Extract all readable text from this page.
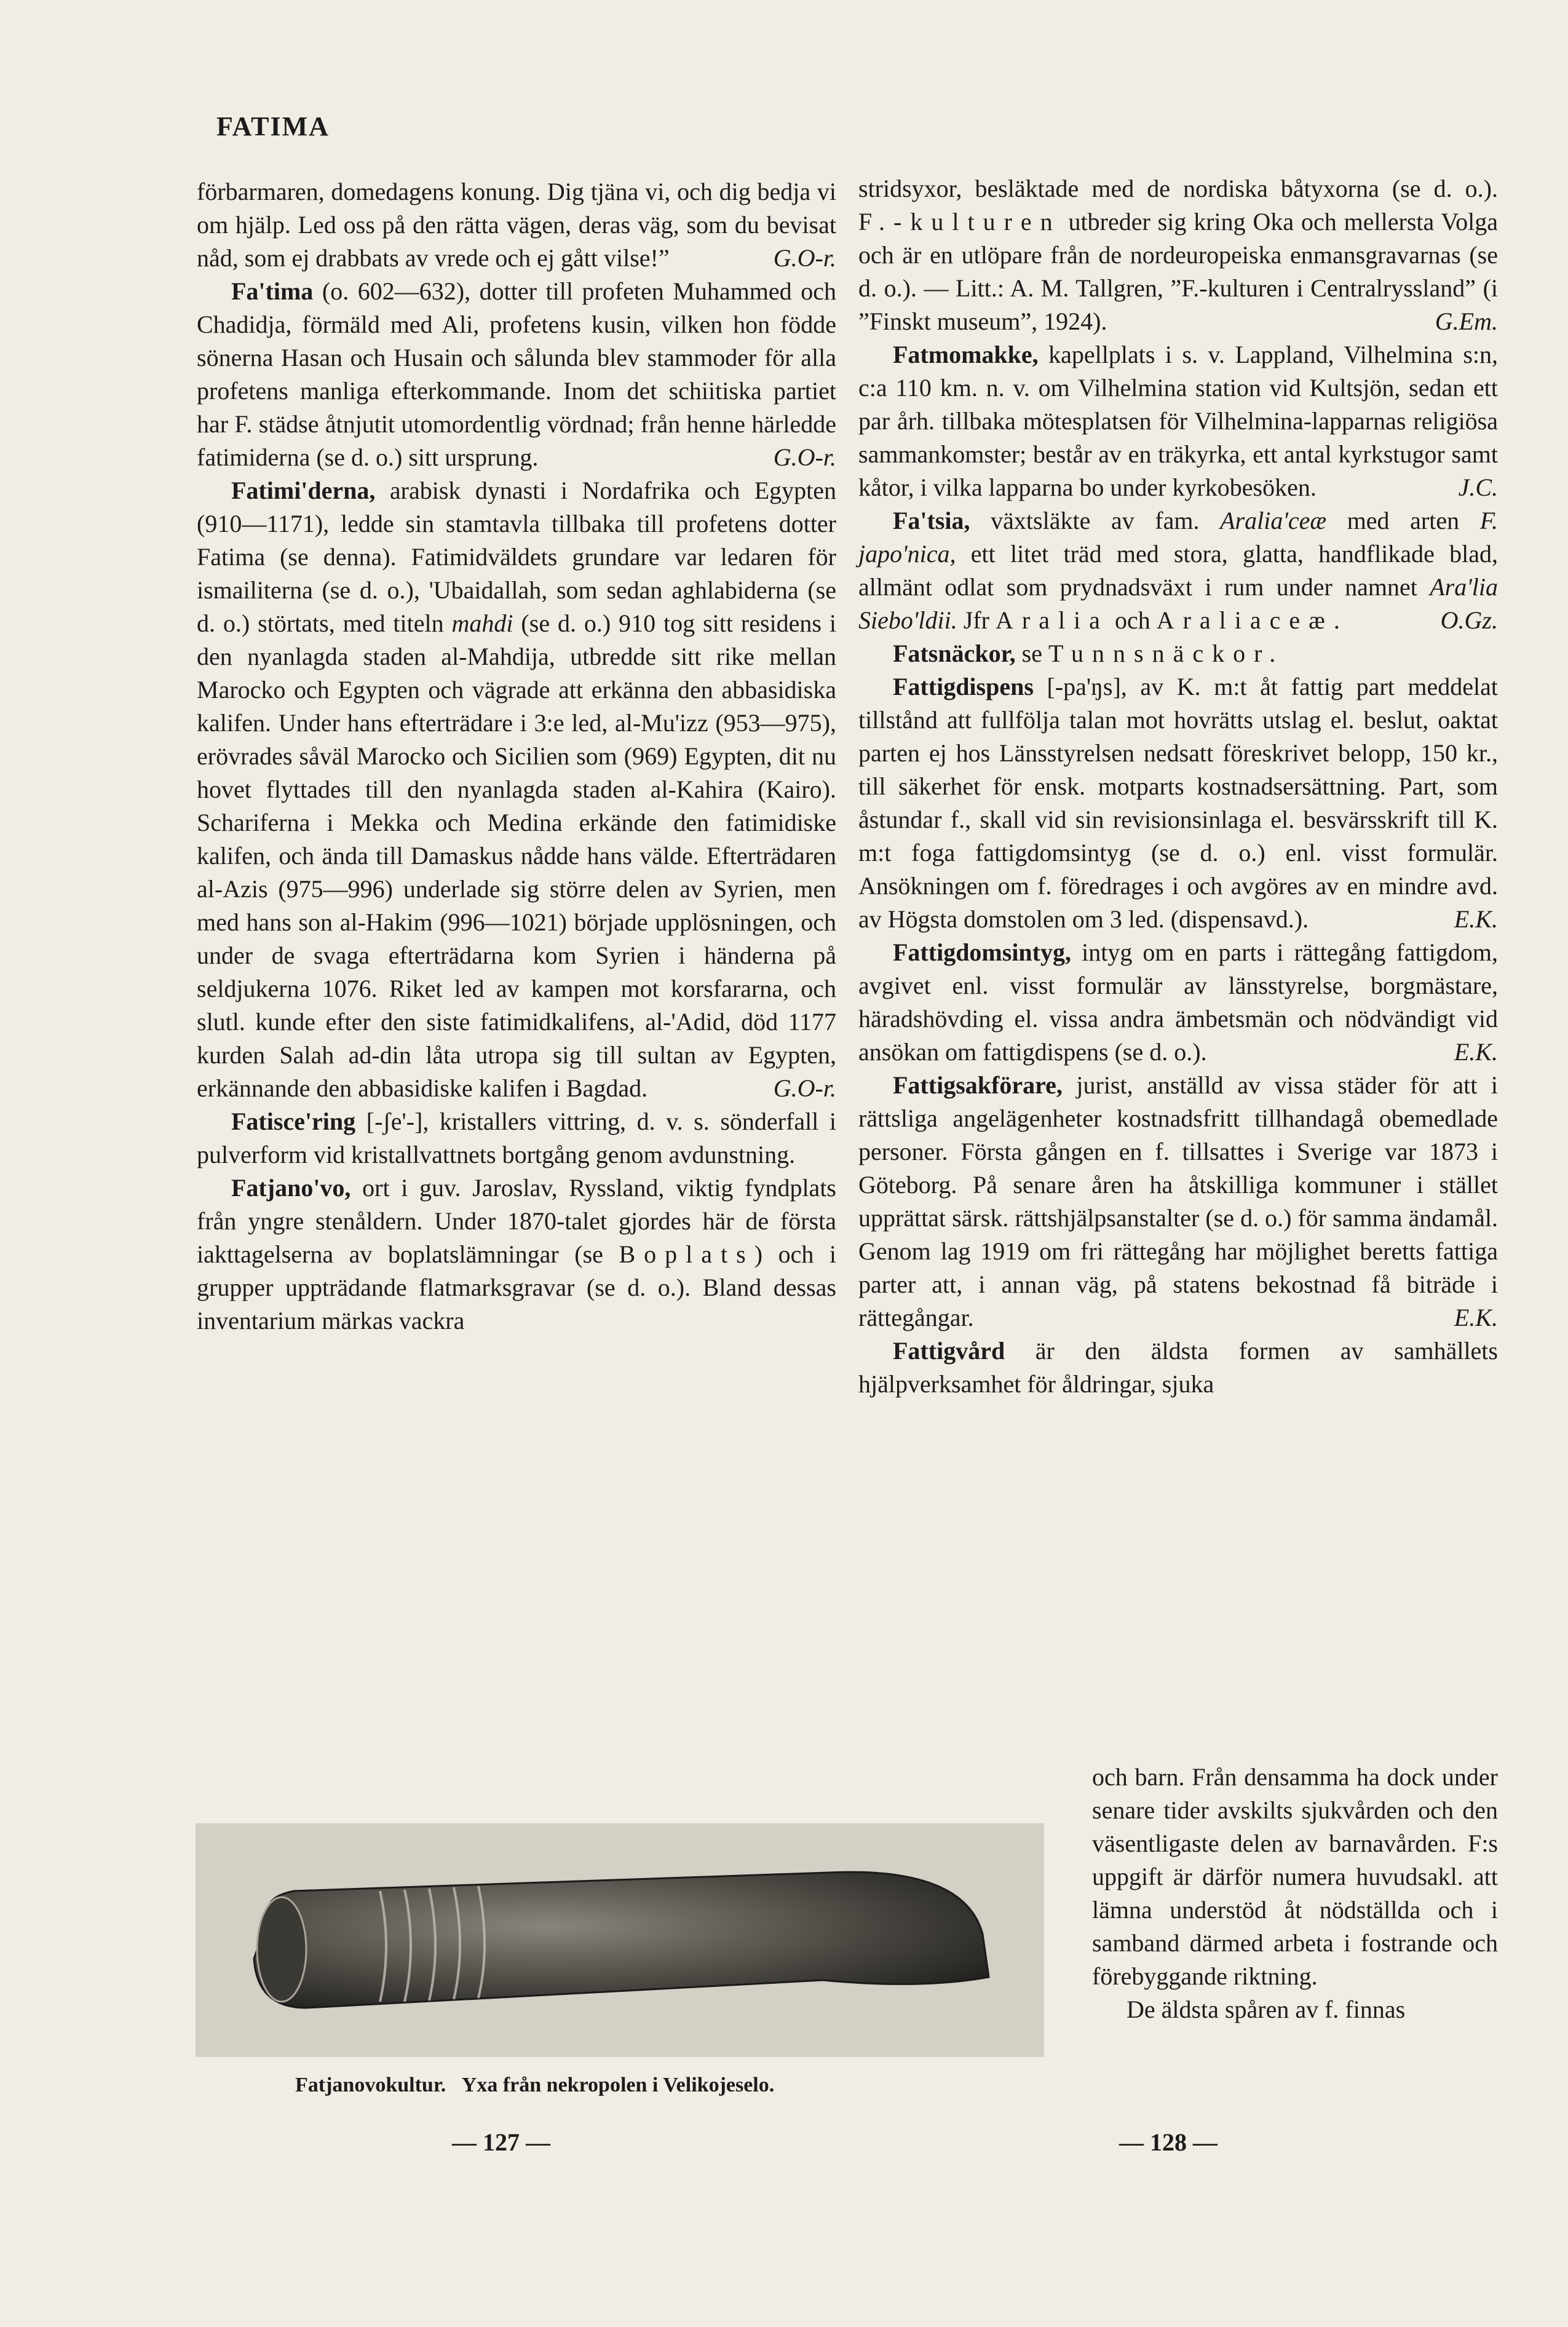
FATIMA

förbarmaren, domedagens konung. Dig tjäna vi, och dig bedja vi om hjälp. Led oss på den rätta vägen, deras väg, som du bevisat nåd, som ej drabbats av vrede och ej gått vilse!”	G.O-r.

Fa'tima (o. 602—632), dotter till profeten Muhammed och Chadidja, förmäld med Ali, profetens kusin, vilken hon födde sönerna Hasan och Husain och sålunda blev stammoder för alla profetens manliga efterkommande. Inom det schiitiska partiet har F. städse åtnjutit utomordentlig vördnad; från henne härledde fatimiderna (se d. o.) sitt ursprung.	G.O-r.

Fatimi'derna, arabisk dynasti i Nordafrika och Egypten (910—1171), ledde sin stamtavla tillbaka till profetens dotter Fatima (se denna). Fatimidväldets grundare var ledaren för ismailiterna (se d. o.), 'Ubaidallah, som sedan aghlabiderna (se d. o.) störtats, med titeln mahdi (se d. o.) 910 tog sitt residens i den nyanlagda staden al-Mahdija, utbredde sitt rike mellan Marocko och Egypten och vägrade att erkänna den abbasidiska kalifen. Under hans efterträdare i 3:e led, al-Mu'izz (953—975), erövrades såväl Marocko och Sicilien som (969) Egypten, dit nu hovet flyttades till den nyanlagda staden al-Kahira (Kairo). Schariferna i Mekka och Medina erkände den fatimidiske kalifen, och ända till Damaskus nådde hans välde. Efterträdaren al-Azis (975—996) underlade sig större delen av Syrien, men med hans son al-Hakim (996—1021) började upplösningen, och under de svaga efterträdarna kom Syrien i händerna på seldjukerna 1076. Riket led av kampen mot korsfararna, och slutl. kunde efter den siste fatimidkalifens, al-'Adid, död 1177 kurden Salah ad-din låta utropa sig till sultan av Egypten, erkännande den abbasidiske kalifen i Bagdad.	G.O-r.

Fatisce'ring [-ʃe'-], kristallers vittring, d. v. s. sönderfall i pulverform vid kristallvattnets bortgång genom avdunstning.

Fatjano'vo, ort i guv. Jaroslav, Ryssland, viktig fyndplats från yngre stenåldern. Under 1870-talet gjordes här de första iakttagelserna av boplatslämningar (se Boplats) och i grupper uppträdande flatmarksgravar (se d. o.). Bland dessas inventarium märkas vackra

stridsyxor, besläktade med de nordiska båtyxorna (se d. o.). F.-kulturen utbreder sig kring Oka och mellersta Volga och är en utlöpare från de nordeuropeiska enmansgravarnas (se d. o.). — Litt.: A. M. Tallgren, ”F.-kulturen i Centralryssland” (i ”Finskt museum”, 1924).	G.Em.

Fatmomakke, kapellplats i s. v. Lappland, Vilhelmina s:n, c:a 110 km. n. v. om Vilhelmina station vid Kultsjön, sedan ett par årh. tillbaka mötesplatsen för Vilhelmina-lapparnas religiösa sammankomster; består av en träkyrka, ett antal kyrkstugor samt kåtor, i vilka lapparna bo under kyrkobesöken.	J.C.

Fa'tsia, växtsläkte av fam. Aralia'ceæ med arten F. japo'nica, ett litet träd med stora, glatta, handflikade blad, allmänt odlat som prydnadsväxt i rum under namnet Ara'lia Siebo'ldii. Jfr Aralia och Araliaceæ.	O.Gz.

Fatsnäckor, se Tunnsnäckor.

Fattigdispens [-pa'ŋs], av K. m:t åt fattig part meddelat tillstånd att fullfölja talan mot hovrätts utslag el. beslut, oaktat parten ej hos Länsstyrelsen nedsatt föreskrivet belopp, 150 kr., till säkerhet för ensk. motparts kostnadsersättning. Part, som åstundar f., skall vid sin revisionsinlaga el. besvärsskrift till K. m:t foga fattigdomsintyg (se d. o.) enl. visst formulär. Ansökningen om f. föredrages i och avgöres av en mindre avd. av Högsta domstolen om 3 led. (dispensavd.).	E.K.

Fattigdomsintyg, intyg om en parts i rättegång fattigdom, avgivet enl. visst formulär av länsstyrelse, borgmästare, häradshövding el. vissa andra ämbetsmän och nödvändigt vid ansökan om fattigdispens (se d. o.).	E.K.

Fattigsakförare, jurist, anställd av vissa städer för att i rättsliga angelägenheter kostnadsfritt tillhandagå obemedlade personer. Första gången en f. tillsattes i Sverige var 1873 i Göteborg. På senare åren ha åtskilliga kommuner i stället upprättat särsk. rättshjälpsanstalter (se d. o.) för samma ändamål. Genom lag 1919 om fri rättegång har möjlighet beretts fattiga parter att, i annan väg, på statens bekostnad få biträde i rättegångar.	E.K.

Fattigvård är den äldsta formen av samhällets hjälpverksamhet för åldringar, sjuka

och barn. Från densamma ha dock under senare tider avskilts sjukvården och den väsentligaste delen av barnavården. F:s uppgift är därför numera huvudsakl. att lämna understöd åt nödställda och i samband därmed arbeta i fostrande och förebyggande riktning.

De äldsta spåren av f. finnas

Fatjanovokultur. Yxa från nekropolen i Velikojeselo.
— 127 —	— 128 —
